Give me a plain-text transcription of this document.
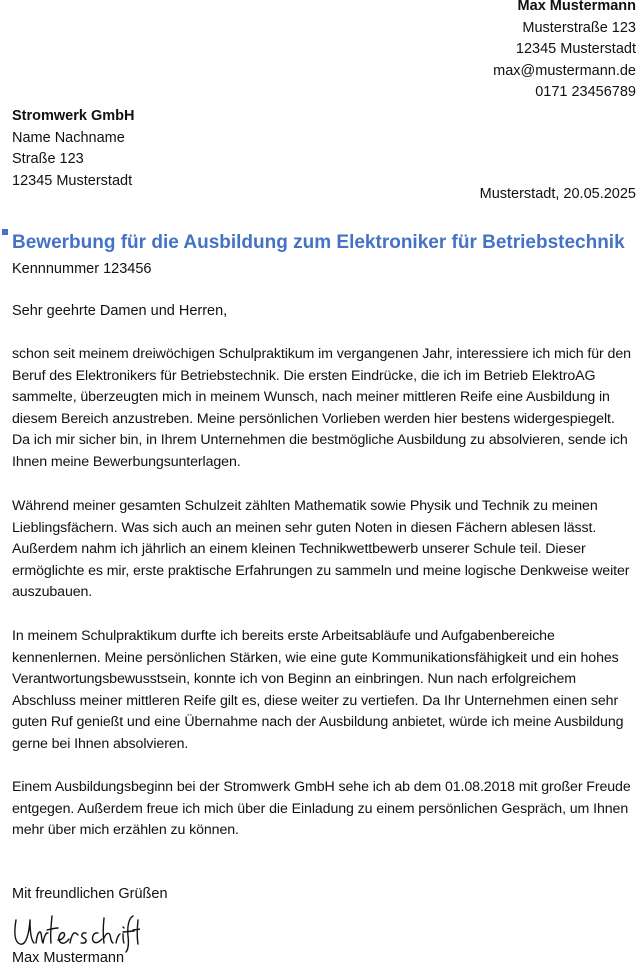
Max Mustermann
Musterstraße 123
12345 Musterstadt
max@mustermann.de
0171 23456789
Stromwerk GmbH
Name Nachname
Straße 123
12345 Musterstadt
Musterstadt, 20.05.2025
Bewerbung für die Ausbildung zum Elektroniker für Betriebstechnik
Kennnummer 123456
Sehr geehrte Damen und Herren,

schon seit meinem dreiwöchigen Schulpraktikum im vergangenen Jahr, interessiere ich mich für den Beruf des Elektronikers für Betriebstechnik. Die ersten Eindrücke, die ich im Betrieb ElektroAG sammelte, überzeugten mich in meinem Wunsch, nach meiner mittleren Reife eine Ausbildung in diesem Bereich anzustreben. Meine persönlichen Vorlieben werden hier bestens widergespiegelt. Da ich mir sicher bin, in Ihrem Unternehmen die bestmögliche Ausbildung zu absolvieren, sende ich Ihnen meine Bewerbungsunterlagen.

Während meiner gesamten Schulzeit zählten Mathematik sowie Physik und Technik zu meinen Lieblingsfächern. Was sich auch an meinen sehr guten Noten in diesen Fächern ablesen lässt. Außerdem nahm ich jährlich an einem kleinen Technikwettbewerb unserer Schule teil. Dieser ermöglichte es mir, erste praktische Erfahrungen zu sammeln und meine logische Denkweise weiter auszubauen.

In meinem Schulpraktikum durfte ich bereits erste Arbeitsabläufe und Aufgabenbereiche kennenlernen. Meine persönlichen Stärken, wie eine gute Kommunikationsfähigkeit und ein hohes Verantwortungsbewusstsein, konnte ich von Beginn an einbringen. Nun nach erfolgreichem Abschluss meiner mittleren Reife gilt es, diese weiter zu vertiefen. Da Ihr Unternehmen einen sehr guten Ruf genießt und eine Übernahme nach der Ausbildung anbietet, würde ich meine Ausbildung gerne bei Ihnen absolvieren.

Einem Ausbildungsbeginn bei der Stromwerk GmbH sehe ich ab dem 01.08.2018 mit großer Freude entgegen. Außerdem freue ich mich über die Einladung zu einem persönlichen Gespräch, um Ihnen mehr über mich erzählen zu können.

Mit freundlichen Grüßen
Max Mustermann
